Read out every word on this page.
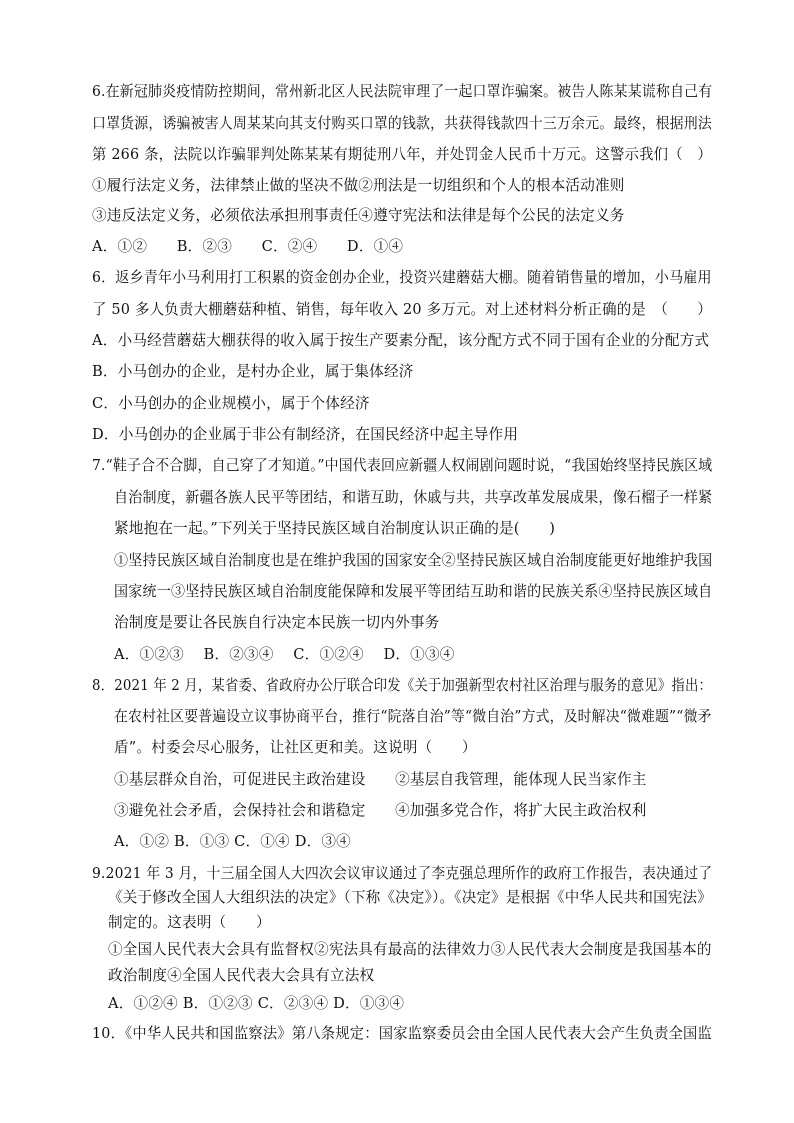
6.在新冠肺炎疫情防控期间，常州新北区人民法院审理了一起口罩诈骗案。被告人陈某某谎称自己有
口罩货源，诱骗被害人周某某向其支付购买口罩的钱款，共获得钱款四十三万余元。最终，根据刑法
第 266 条，法院以诈骗罪判处陈某某有期徒刑八年，并处罚金人民币十万元。这警示我们（　）
①履行法定义务，法律禁止做的坚决不做②刑法是一切组织和个人的根本活动准则
③违反法定义务，必须依法承担刑事责任④遵守宪法和法律是每个公民的法定义务
A．①②　　B．②③　　C．②④　　D．①④
6．返乡青年小马利用打工积累的资金创办企业，投资兴建蘑菇大棚。随着销售量的增加，小马雇用
了 50 多人负责大棚蘑菇种植、销售，每年收入 20 多万元。对上述材料分析正确的是　（　　）
A．小马经营蘑菇大棚获得的收入属于按生产要素分配，该分配方式不同于国有企业的分配方式
B．小马创办的企业，是村办企业，属于集体经济
C．小马创办的企业规模小，属于个体经济
D．小马创办的企业属于非公有制经济，在国民经济中起主导作用
7.“鞋子合不合脚，自己穿了才知道。”中国代表回应新疆人权闹剧问题时说，“我国始终坚持民族区域
自治制度，新疆各族人民平等团结，和谐互助，休戚与共，共享改革发展成果，像石榴子一样紧
紧地抱在一起。”下列关于坚持民族区域自治制度认识正确的是(　　)
①坚持民族区域自治制度也是在维护我国的国家安全②坚持民族区域自治制度能更好地维护我国
国家统一③坚持民族区域自治制度能保障和发展平等团结互助和谐的民族关系④坚持民族区域自
治制度是要让各民族自行决定本民族一切内外事务
A．①②③　 B．②③④　 C．①②④　 D．①③④
8．2021 年 2 月，某省委、省政府办公厅联合印发《关于加强新型农村社区治理与服务的意见》指出：
在农村社区要普遍设立议事协商平台，推行“院落自治”等“微自治”方式，及时解决“微难题”“微矛
盾”。村委会尽心服务，让社区更和美。这说明（　　）
①基层群众自治，可促进民主政治建设　　②基层自我管理，能体现人民当家作主
③避免社会矛盾，会保持社会和谐稳定　　④加强多党合作，将扩大民主政治权利
A．①② B．①③ C．①④ D．③④
9.2021 年 3 月，十三届全国人大四次会议审议通过了李克强总理所作的政府工作报告，表决通过了
《关于修改全国人大组织法的决定》（下称《决定》）。《决定》是根据《中华人民共和国宪法》
制定的。这表明（　　）
①全国人民代表大会具有监督权②宪法具有最高的法律效力③人民代表大会制度是我国基本的
政治制度④全国人民代表大会具有立法权
A．①②④ B．①②③ C．②③④ D．①③④
10．《中华人民共和国监察法》第八条规定：国家监察委员会由全国人民代表大会产生负责全国监
